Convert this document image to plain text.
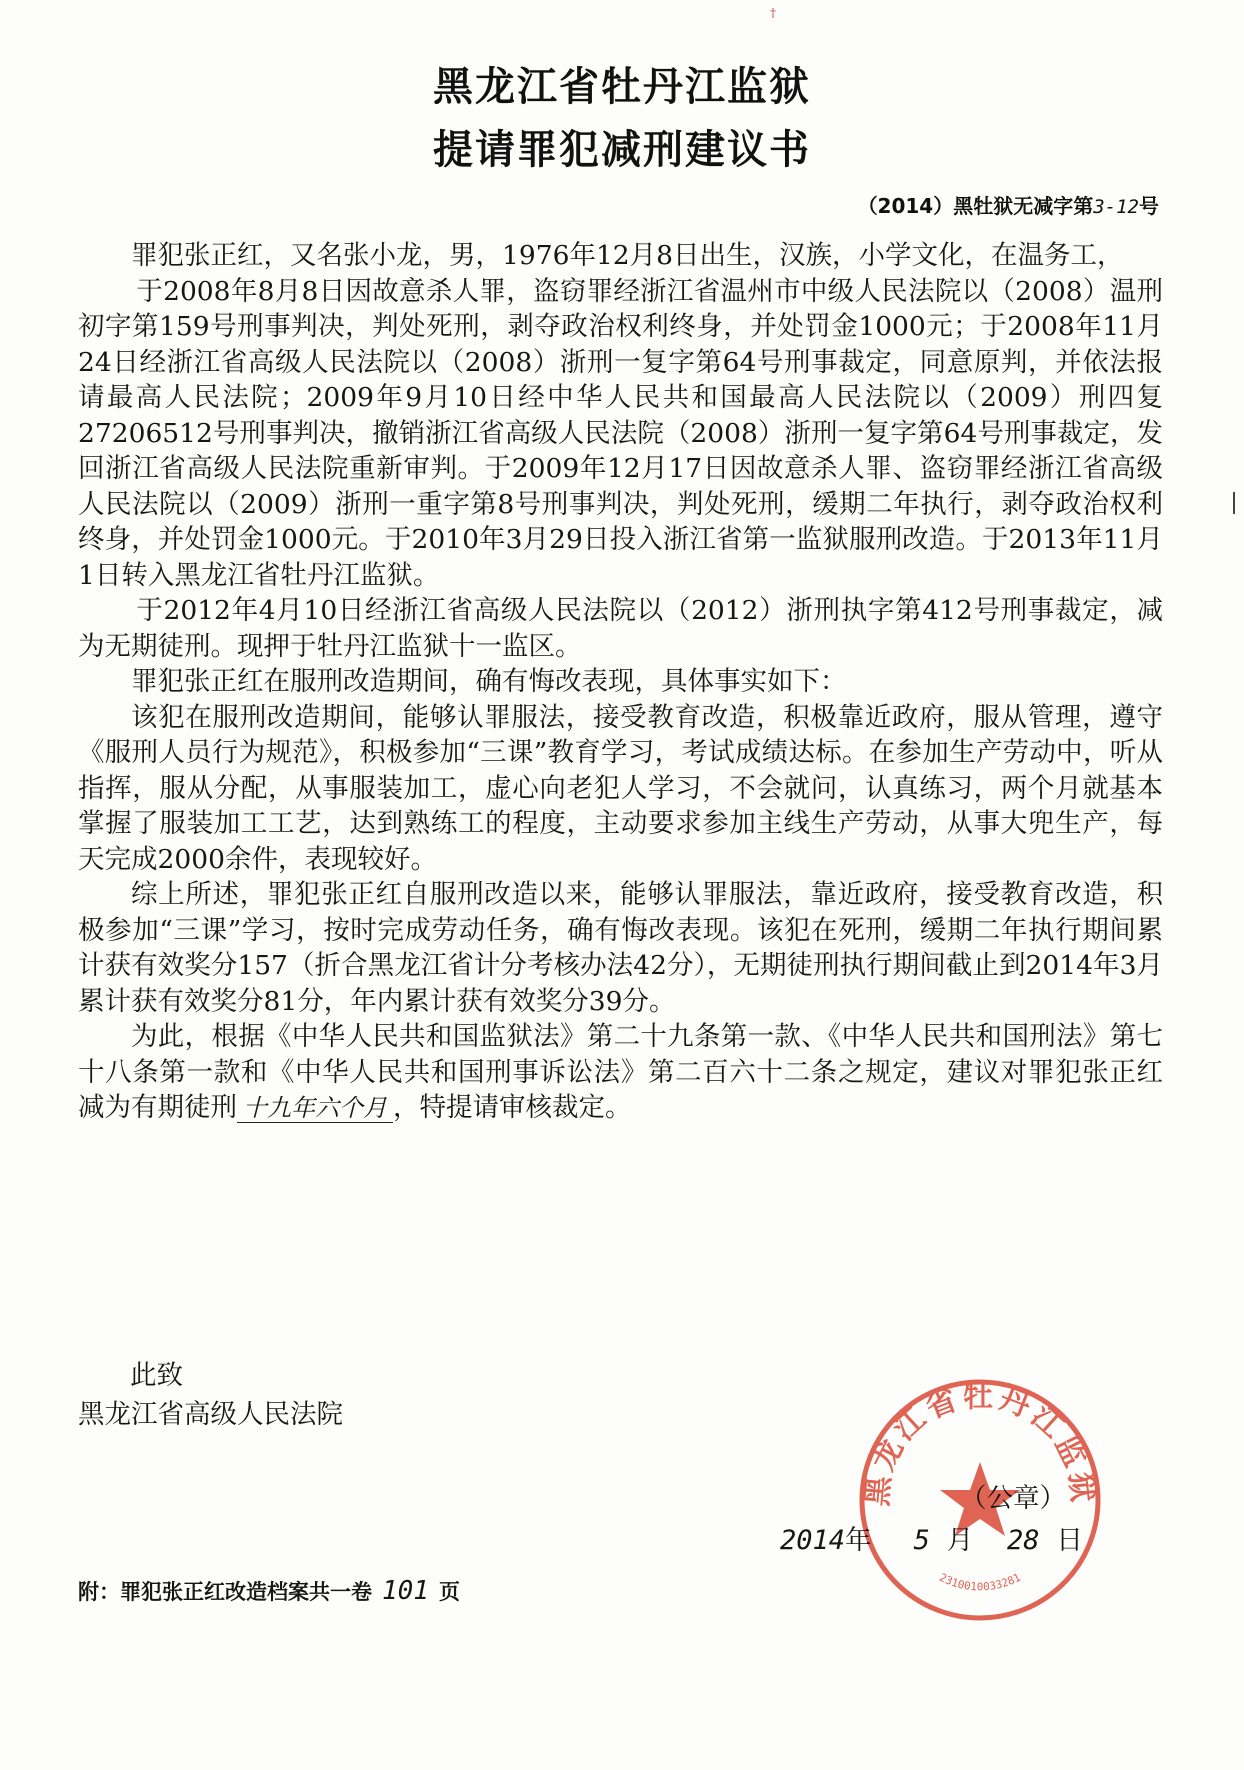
†
黑龙江省牡丹江监狱
提请罪犯减刑建议书
（2014）黑牡狱无减字第3-12号

罪犯张正红，又名张小龙，男，1976年12月8日出生，汉族，小学文化，在温务工，

于2008年8月8日因故意杀人罪，盗窃罪经浙江省温州市中级人民法院以（2008）温刑初字第159号刑事判决，判处死刑，剥夺政治权利终身，并处罚金1000元；于2008年11月24日经浙江省高级人民法院以（2008）浙刑一复字第64号刑事裁定，同意原判，并依法报请最高人民法院；2009年9月10日经中华人民共和国最高人民法院以（2009）刑四复27206512号刑事判决，撤销浙江省高级人民法院（2008）浙刑一复字第64号刑事裁定，发回浙江省高级人民法院重新审判。于2009年12月17日因故意杀人罪、盗窃罪经浙江省高级人民法院以（2009）浙刑一重字第8号刑事判决，判处死刑，缓期二年执行，剥夺政治权利终身，并处罚金1000元。于2010年3月29日投入浙江省第一监狱服刑改造。于2013年11月1日转入黑龙江省牡丹江监狱。

于2012年4月10日经浙江省高级人民法院以（2012）浙刑执字第412号刑事裁定，减为无期徒刑。现押于牡丹江监狱十一监区。

罪犯张正红在服刑改造期间，确有悔改表现，具体事实如下：

该犯在服刑改造期间，能够认罪服法，接受教育改造，积极靠近政府，服从管理，遵守《服刑人员行为规范》，积极参加“三课”教育学习，考试成绩达标。在参加生产劳动中，听从指挥，服从分配，从事服装加工，虚心向老犯人学习，不会就问，认真练习，两个月就基本掌握了服装加工工艺，达到熟练工的程度，主动要求参加主线生产劳动，从事大兜生产，每天完成2000余件，表现较好。

综上所述，罪犯张正红自服刑改造以来，能够认罪服法，靠近政府，接受教育改造，积极参加“三课”学习，按时完成劳动任务，确有悔改表现。该犯在死刑，缓期二年执行期间累计获有效奖分157（折合黑龙江省计分考核办法42分），无期徒刑执行期间截止到2014年3月累计获有效奖分81分，年内累计获有效奖分39分。

为此，根据《中华人民共和国监狱法》第二十九条第一款、《中华人民共和国刑法》第七十八条第一款和《中华人民共和国刑事诉讼法》第二百六十二条之规定，建议对罪犯张正红减为有期徒刑 十九年六个月 ，特提请审核裁定。

此致
黑龙江省高级人民法院
黑龙江省牡丹江监狱
2310010033281
（公章）
2014年 5 月 28 日
附：罪犯张正红改造档案共一卷 101 页
